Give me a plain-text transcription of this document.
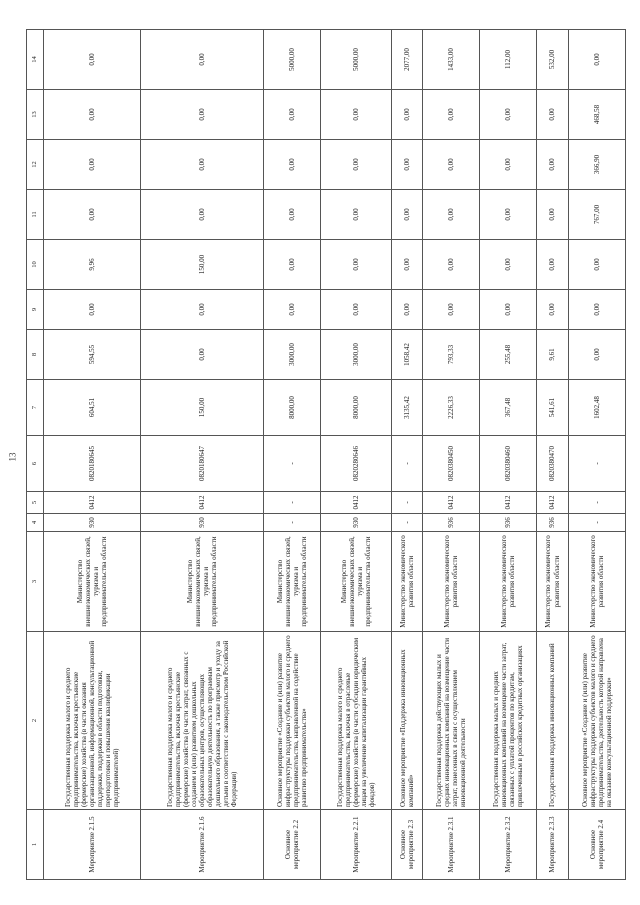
13
1	2	3	4	5	6	7	8	9	10	11	12	13	14
Мероприятие 2.1.5	Государственная поддержка малого и среднего предпринимательства, включая крестьянские (фермерские) хозяйства (в части оказания организационной, информационной, консультационной поддержки, поддержки в области подготовки, переподготовки и повышения квалификации предпринимателей)	Министерство внешнеэкономических связей, туризма и предпринимательства области	930	0412	0820180645	604,51	594,55	0,00	9,96	0,00	0,00	0,00	0,00
Мероприятие 2.1.6	Государственная поддержка малого и среднего предпринимательства, включая крестьянские (фермерские) хозяйства (в части затрат, связанных с созданием и (или) развитием дошкольных образовательных центров, осуществляющих образовательную деятельность по программам дошкольного образования, а также присмотр и уходу за детьми в соответствии с законодательством Российской Федерации)	Министерство внешнеэкономических связей, туризма и предпринимательства области	930	0412	0820180647	150,00	0,00	0,00	150,00	0,00	0,00	0,00	0,00
Основное мероприятие 2.2	Основное мероприятие «Создание и (или) развитие инфраструктуры поддержки субъектов малого и среднего предпринимательства, направленной на содействие развитию предпринимательства»	Министерство внешнеэкономических связей, туризма и предпринимательства области	-	-	-	8000,00	3000,00	0,00	0,00	0,00	0,00	0,00	5000,00
Мероприятие 2.2.1	Государственная поддержка малого и среднего предпринимательства, включая в отраслевые (фермерские) хозяйства (в части субсидии юридическим лицам на увеличение капитализации гарантийных фондов)	Министерство внешнеэкономических связей, туризма и предпринимательства области	930	0412	0820280646	8000,00	3000,00	0,00	0,00	0,00	0,00	0,00	5000,00
Основное мероприятие 2.3	Основное мероприятие «Поддержка инновационных компаний»	Министерство экономического развития области	-	-	-	3135,42	1058,42	0,00	0,00	0,00	0,00	0,00	2077,00
Мероприятие 2.3.1	Государственная поддержка действующих малых и средних инновационных компаний на возмещение части затрат, понесенных в связи с осуществлением инновационной деятельности	Министерство экономического развития области	936	0412	0820380450	2226,33	793,33	0,00	0,00	0,00	0,00	0,00	1433,00
Мероприятие 2.3.2	Государственная поддержка малых и средних инновационных компаний на возмещение части затрат, связанных с уплатой процентов по кредитам, привлеченным в российских кредитных организациях	Министерство экономического развития области	936	0412	0820380460	367,48	255,48	0,00	0,00	0,00	0,00	0,00	112,00
Мероприятие 2.3.3	Государственная поддержка инновационных компаний	Министерство экономического развития области	936	0412	0820380470	541,61	9,61	0,00	0,00	0,00	0,00	0,00	532,00
Основное мероприятие 2.4	Основное мероприятие «Создание и (или) развитие инфраструктуры поддержки субъектов малого и среднего предпринимательства, деятельность которой направлена на оказание консультационной поддержки»	Министерство экономического развития области	-	-	-	1602,48	0,00	0,00	0,00	767,00	366,90	468,58	0,00
